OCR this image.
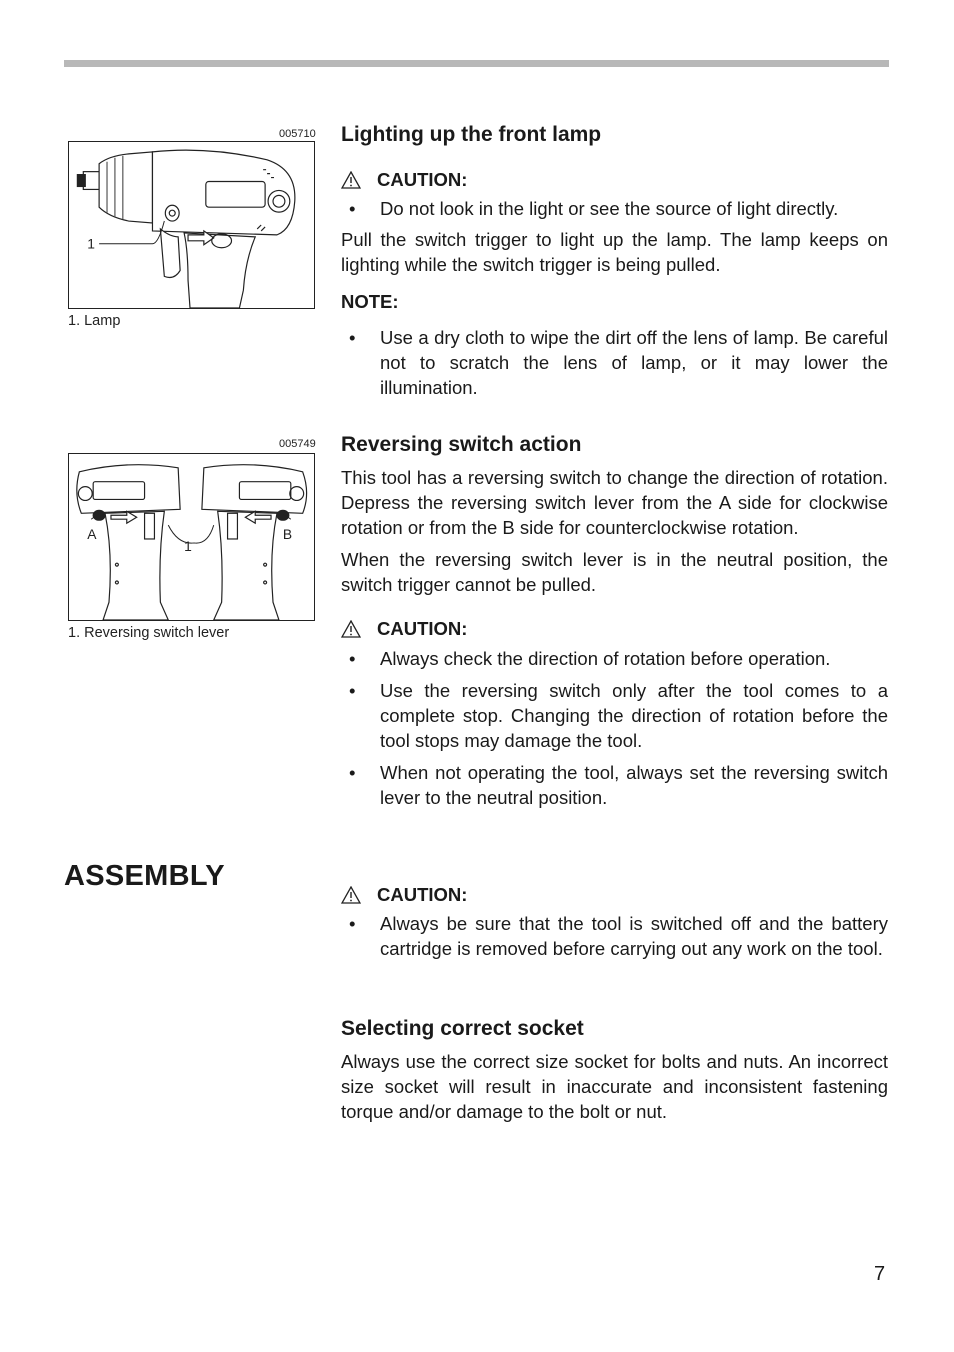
005710
1
1. Lamp
005749
A
1
B
1. Reversing switch lever
Lighting up the front lamp
CAUTION:
• Do not look in the light or see the source of light directly.

Pull the switch trigger to light up the lamp. The lamp keeps on lighting while the switch trigger is being pulled.

NOTE:
• Use a dry cloth to wipe the dirt off the lens of lamp. Be careful not to scratch the lens of lamp, or it may lower the illumination.
Reversing switch action

This tool has a reversing switch to change the direction of rotation. Depress the reversing switch lever from the A side for clockwise rotation or from the B side for counterclockwise rotation.

When the reversing switch lever is in the neutral position, the switch trigger cannot be pulled.

CAUTION:
• Always check the direction of rotation before operation.
• Use the reversing switch only after the tool comes to a complete stop. Changing the direction of rotation before the tool stops may damage the tool.
• When not operating the tool, always set the reversing switch lever to the neutral position.
ASSEMBLY
CAUTION:
• Always be sure that the tool is switched off and the battery cartridge is removed before carrying out any work on the tool.
Selecting correct socket

Always use the correct size socket for bolts and nuts. An incorrect size socket will result in inaccurate and inconsistent fastening torque and/or damage to the bolt or nut.

7
